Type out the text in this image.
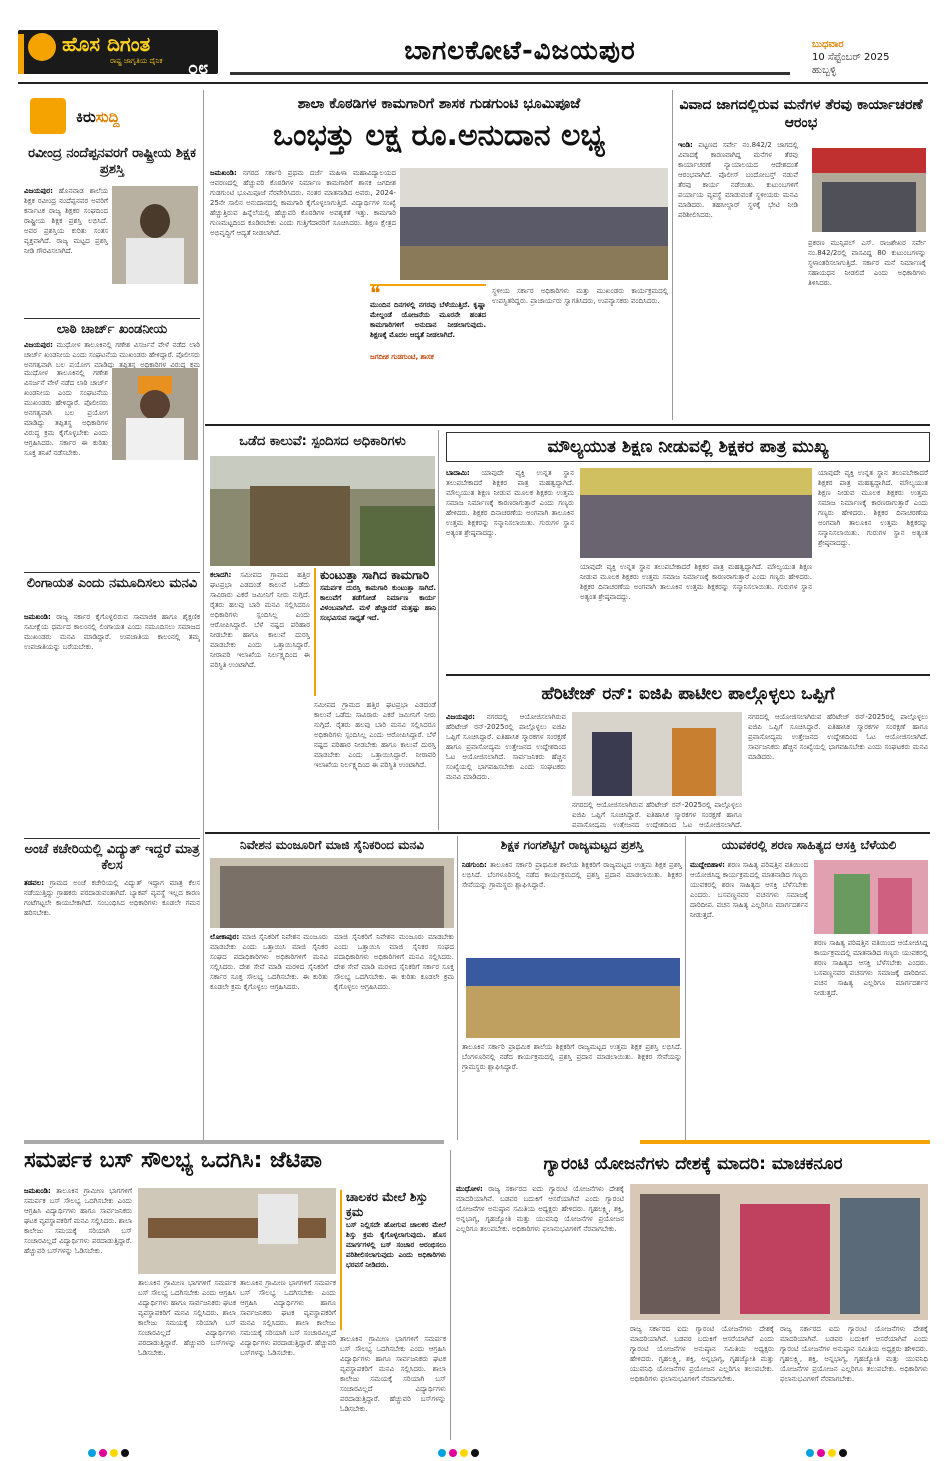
ಹೊಸ ದಿಗಂತ
ರಾಷ್ಟ್ರ ಜಾಗೃತಿಯ ದೈನಿಕ ೦೮
ಬಾಗಲಕೋಟೆ-ವಿಜಯಪುರ	ಬುಧವಾರ
10 ಸೆಪ್ಟೆಂಬರ್ 2025
ಹುಬ್ಬಳ್ಳಿ
ಕಿರುಸುದ್ದಿ
ರವೀಂದ್ರ ನಂದೆಪ್ಪನವರಗೆ ರಾಷ್ಟ್ರೀಯ ಶಿಕ್ಷಕ ಪ್ರಶಸ್ತಿ
ವಿಜಯಪುರ: ಹೊನವಾಡ ಶಾಲೆಯ ಶಿಕ್ಷಕ ರವೀಂದ್ರ ನಂದೆಪ್ಪನವರ ಅವರಿಗೆ ಕರ್ನಾಟಕ ರಾಜ್ಯ ಶಿಕ್ಷಕರ ಸಂಘದಿಂದ ರಾಷ್ಟ್ರೀಯ ಶಿಕ್ಷಕ ಪ್ರಶಸ್ತಿ ಲಭಿಸಿದೆ. ಅವರ ಪ್ರಶಸ್ತಿಯ ಕುರಿತು ಸಂತಸ ವ್ಯಕ್ತವಾಗಿದೆ. ರಾಜ್ಯ ಮಟ್ಟದ ಪ್ರಶಸ್ತಿ ನೀಡಿ ಗೌರವಿಸಲಾಗಿದೆ.
ಲಾಠಿ ಚಾರ್ಜ್ ಖಂಡನೀಯ
ವಿಜಯಪುರ: ಮುಧೋಳ ತಾಲೂಕಿನಲ್ಲಿ ಗಣೇಶ ವಿಸರ್ಜನೆ ವೇಳೆ ನಡೆದ ಲಾಠಿ ಚಾರ್ಜ್ ಖಂಡನೀಯ ಎಂದು ಸಂಘಟನೆಯ ಮುಖಂಡರು ಹೇಳಿದ್ದಾರೆ. ಪೊಲೀಸರು ಅನಗತ್ಯವಾಗಿ ಬಲ ಪ್ರಯೋಗ ಮಾಡಿದ್ದು ತಪ್ಪಿತಸ್ಥ ಅಧಿಕಾರಿಗಳ ವಿರುದ್ಧ ಕ್ರಮ
ಮುಧೋಳ ತಾಲೂಕಿನಲ್ಲಿ ಗಣೇಶ ವಿಸರ್ಜನೆ ವೇಳೆ ನಡೆದ ಲಾಠಿ ಚಾರ್ಜ್ ಖಂಡನೀಯ ಎಂದು ಸಂಘಟನೆಯ ಮುಖಂಡರು ಹೇಳಿದ್ದಾರೆ. ಪೊಲೀಸರು ಅನಗತ್ಯವಾಗಿ ಬಲ ಪ್ರಯೋಗ ಮಾಡಿದ್ದು ತಪ್ಪಿತಸ್ಥ ಅಧಿಕಾರಿಗಳ ವಿರುದ್ಧ ಕ್ರಮ ಕೈಗೊಳ್ಳಬೇಕು ಎಂದು ಆಗ್ರಹಿಸಿದರು. ಸರ್ಕಾರ ಈ ಕುರಿತು ಸೂಕ್ತ ತನಿಖೆ ನಡೆಸಬೇಕು.
ಲಿಂಗಾಯತ ಎಂದು ನಮೂದಿಸಲು ಮನವಿ
ಜಮಖಂಡಿ: ರಾಜ್ಯ ಸರ್ಕಾರ ಕೈಗೊಳ್ಳಲಿರುವ ಸಾಮಾಜಿಕ ಹಾಗೂ ಶೈಕ್ಷಣಿಕ ಸಮೀಕ್ಷೆಯ ಧರ್ಮದ ಕಾಲಂನಲ್ಲಿ ಲಿಂಗಾಯತ ಎಂದು ನಮೂದಿಸಲು ಸಮಾಜದ ಮುಖಂಡರು ಮನವಿ ಮಾಡಿದ್ದಾರೆ. ಉಪಜಾತಿಯ ಕಾಲಂನಲ್ಲಿ ತಮ್ಮ ಉಪಜಾತಿಯನ್ನು ಬರೆಯಬೇಕು.
ಅಂಚೆ ಕಚೇರಿಯಲ್ಲಿ ವಿದ್ಯುತ್ ಇದ್ದರೆ ಮಾತ್ರ ಕೆಲಸ
ತಡವಲ: ಗ್ರಾಮದ ಅಂಚೆ ಕಚೇರಿಯಲ್ಲಿ ವಿದ್ಯುತ್ ಇದ್ದಾಗ ಮಾತ್ರ ಕೆಲಸ ನಡೆಯುತ್ತಿದ್ದು ಗ್ರಾಹಕರು ಪರದಾಡುವಂತಾಗಿದೆ. ಬ್ಯಾಕಪ್ ವ್ಯವಸ್ಥೆ ಇಲ್ಲದ ಕಾರಣ ಗಂಟೆಗಟ್ಟಲೇ ಕಾಯಬೇಕಾಗಿದೆ. ಸಂಬಂಧಿಸಿದ ಅಧಿಕಾರಿಗಳು ಕೂಡಲೇ ಗಮನ ಹರಿಸಬೇಕು.
ಶಾಲಾ ಕೊಠಡಿಗಳ ಕಾಮಗಾರಿಗೆ ಶಾಸಕ ಗುಡಗುಂಟಿ ಭೂಮಿಪೂಜೆ
ಒಂಭತ್ತು ಲಕ್ಷ ರೂ.ಅನುದಾನ ಲಭ್ಯ
ಜಮಖಂಡಿ: ನಗರದ ಸರ್ಕಾರಿ ಪ್ರಥಮ ದರ್ಜೆ ಮಹಿಳಾ ಮಹಾವಿದ್ಯಾಲಯದ ಆವರಣದಲ್ಲಿ ಹೆಚ್ಚುವರಿ ಕೊಠಡಿಗಳ ನಿರ್ಮಾಣ ಕಾಮಗಾರಿಗೆ ಶಾಸಕ ಜಗದೀಶ ಗುಡಗುಂಟಿ ಭೂಮಿಪೂಜೆ ನೆರವೇರಿಸಿದರು. ನಂತರ ಮಾತನಾಡಿದ ಅವರು, 2024-25ನೇ ಸಾಲಿನ ಅನುದಾನದಲ್ಲಿ ಕಾಮಗಾರಿ ಕೈಗೊಳ್ಳಲಾಗುತ್ತಿದೆ. ವಿದ್ಯಾರ್ಥಿಗಳ ಸಂಖ್ಯೆ ಹೆಚ್ಚುತ್ತಿರುವ ಹಿನ್ನೆಲೆಯಲ್ಲಿ ಹೆಚ್ಚುವರಿ ಕೊಠಡಿಗಳ ಅವಶ್ಯಕತೆ ಇತ್ತು. ಕಾಮಗಾರಿ ಗುಣಮಟ್ಟದಿಂದ ಕೂಡಿರಬೇಕು ಎಂದು ಗುತ್ತಿಗೆದಾರರಿಗೆ ಸೂಚಿಸಿದರು. ಶಿಕ್ಷಣ ಕ್ಷೇತ್ರದ ಅಭಿವೃದ್ಧಿಗೆ ಆದ್ಯತೆ ನೀಡಲಾಗಿದೆ.
❝
ಮುಂದಿನ ದಿನಗಳಲ್ಲಿ ನಗರವು ಬೆಳೆಯುತ್ತಿದೆ. ಕೃಷ್ಣಾ ಮೇಲ್ದಂಡೆ ಯೋಜನೆಯ ಮೂರನೇ ಹಂತದ ಕಾಮಗಾರಿಗಳಿಗೆ ಅನುದಾನ ನೀಡಲಾಗುವುದು. ಶಿಕ್ಷಣಕ್ಕೆ ಮೊದಲ ಆದ್ಯತೆ ನೀಡಲಾಗಿದೆ.
ಜಗದೀಶ ಗುಡಗುಂಟಿ, ಶಾಸಕ
ಸ್ಥಳೀಯ ಸರ್ಕಾರ ಅಧಿಕಾರಿಗಳು ಮತ್ತು ಮುಖಂಡರು ಕಾರ್ಯಕ್ರಮದಲ್ಲಿ ಉಪಸ್ಥಿತರಿದ್ದರು. ಪ್ರಾಚಾರ್ಯರು ಸ್ವಾಗತಿಸಿದರು, ಉಪನ್ಯಾಸಕರು ವಂದಿಸಿದರು.
ವಿವಾದ ಜಾಗದಲ್ಲಿರುವ ಮನೆಗಳ ತೆರವು ಕಾರ್ಯಾಚರಣೆ ಆರಂಭ
ಇಂಡಿ: ಪಟ್ಟಣದ ಸರ್ವೇ ನಂ.842/2 ಜಾಗದಲ್ಲಿ ವಿವಾದಕ್ಕೆ ಕಾರಣವಾಗಿದ್ದ ಮನೆಗಳ ತೆರವು ಕಾರ್ಯಾಚರಣೆ ನ್ಯಾಯಾಲಯದ ಆದೇಶದಂತೆ ಆರಂಭವಾಗಿದೆ. ಪೊಲೀಸ್ ಬಂದೋಬಸ್ತ್ ನಡುವೆ ತೆರವು ಕಾರ್ಯ ನಡೆಯಿತು. ಕುಟುಂಬಗಳಿಗೆ ಪರ್ಯಾಯ ವ್ಯವಸ್ಥೆ ಮಾಡುವಂತೆ ಸ್ಥಳೀಯರು ಮನವಿ ಮಾಡಿದರು. ತಹಸೀಲ್ದಾರ್ ಸ್ಥಳಕ್ಕೆ ಭೇಟಿ ನೀಡಿ ಪರಿಶೀಲಿಸಿದರು.
ಪ್ರಕರಣ ಮುನ್ಸಿಪಲ್ ಎಸ್. ರಾಜಶೇಖರ ಸರ್ವೇ ನಂ.842/2ರಲ್ಲಿ ವಾಸವಿದ್ದ 80 ಕುಟುಂಬಗಳನ್ನು ಸ್ಥಳಾಂತರಿಸಲಾಗುತ್ತಿದೆ. ಸರ್ಕಾರ ಮನೆ ನಿರ್ಮಾಣಕ್ಕೆ ಸಹಾಯಧನ ನೀಡಲಿದೆ ಎಂದು ಅಧಿಕಾರಿಗಳು ತಿಳಿಸಿದರು.
ಒಡೆದ ಕಾಲುವೆ: ಸ್ಪಂದಿಸದ ಅಧಿಕಾರಿಗಳು
ಕಲಾದಗಿ: ಸಮೀಪದ ಗ್ರಾಮದ ಹತ್ತಿರ ಘಟಪ್ರಭಾ ಎಡದಂಡೆ ಕಾಲುವೆ ಒಡೆದು ಸಾವಿರಾರು ಎಕರೆ ಜಮೀನಿಗೆ ನೀರು ನುಗ್ಗಿದೆ. ರೈತರು ಹಲವು ಬಾರಿ ಮನವಿ ಸಲ್ಲಿಸಿದರೂ ಅಧಿಕಾರಿಗಳು ಸ್ಪಂದಿಸಿಲ್ಲ ಎಂದು ಆರೋಪಿಸಿದ್ದಾರೆ. ಬೆಳೆ ನಷ್ಟದ ಪರಿಹಾರ ನೀಡಬೇಕು ಹಾಗೂ ಕಾಲುವೆ ದುರಸ್ತಿ ಮಾಡಬೇಕು ಎಂದು ಒತ್ತಾಯಿಸಿದ್ದಾರೆ. ನೀರಾವರಿ ಇಲಾಖೆಯ ನಿರ್ಲಕ್ಷ್ಯದಿಂದ ಈ ಪರಿಸ್ಥಿತಿ ಉಂಟಾಗಿದೆ.
ಕುಂಟುತ್ತಾ ಸಾಗಿದ ಕಾಮಗಾರಿ
ಸಮರ್ಪಕ ದುರಸ್ತಿ ಕಾಮಗಾರಿ ಕುಂಟುತ್ತಾ ಸಾಗಿದೆ. ಕಾಲುವೆಗೆ ತಡೆಗೋಡೆ ನಿರ್ಮಾಣ ಕಾರ್ಯ ವಿಳಂಬವಾಗಿದೆ. ಮಳೆ ಹೆಚ್ಚಾದರೆ ಮತ್ತಷ್ಟು ಹಾನಿ ಸಂಭವಿಸುವ ಸಾಧ್ಯತೆ ಇದೆ.
ಸಮೀಪದ ಗ್ರಾಮದ ಹತ್ತಿರ ಘಟಪ್ರಭಾ ಎಡದಂಡೆ ಕಾಲುವೆ ಒಡೆದು ಸಾವಿರಾರು ಎಕರೆ ಜಮೀನಿಗೆ ನೀರು ನುಗ್ಗಿದೆ. ರೈತರು ಹಲವು ಬಾರಿ ಮನವಿ ಸಲ್ಲಿಸಿದರೂ ಅಧಿಕಾರಿಗಳು ಸ್ಪಂದಿಸಿಲ್ಲ ಎಂದು ಆರೋಪಿಸಿದ್ದಾರೆ. ಬೆಳೆ ನಷ್ಟದ ಪರಿಹಾರ ನೀಡಬೇಕು ಹಾಗೂ ಕಾಲುವೆ ದುರಸ್ತಿ ಮಾಡಬೇಕು ಎಂದು ಒತ್ತಾಯಿಸಿದ್ದಾರೆ. ನೀರಾವರಿ ಇಲಾಖೆಯ ನಿರ್ಲಕ್ಷ್ಯದಿಂದ ಈ ಪರಿಸ್ಥಿತಿ ಉಂಟಾಗಿದೆ.
ಮೌಲ್ಯಯುತ ಶಿಕ್ಷಣ ನೀಡುವಲ್ಲಿ ಶಿಕ್ಷಕರ ಪಾತ್ರ ಮುಖ್ಯ
ಬಾದಾಮಿ: ಯಾವುದೇ ವ್ಯಕ್ತಿ ಉನ್ನತ ಸ್ಥಾನ ತಲುಪಬೇಕಾದರೆ ಶಿಕ್ಷಕರ ಪಾತ್ರ ಮಹತ್ವದ್ದಾಗಿದೆ. ಮೌಲ್ಯಯುತ ಶಿಕ್ಷಣ ನೀಡುವ ಮೂಲಕ ಶಿಕ್ಷಕರು ಉತ್ತಮ ಸಮಾಜ ನಿರ್ಮಾಣಕ್ಕೆ ಕಾರಣರಾಗುತ್ತಾರೆ ಎಂದು ಗಣ್ಯರು ಹೇಳಿದರು. ಶಿಕ್ಷಕರ ದಿನಾಚರಣೆಯ ಅಂಗವಾಗಿ ತಾಲೂಕಿನ ಉತ್ತಮ ಶಿಕ್ಷಕರನ್ನು ಸನ್ಮಾನಿಸಲಾಯಿತು. ಗುರುಗಳ ಸ್ಥಾನ ಅತ್ಯಂತ ಶ್ರೇಷ್ಠವಾದದ್ದು.
ಯಾವುದೇ ವ್ಯಕ್ತಿ ಉನ್ನತ ಸ್ಥಾನ ತಲುಪಬೇಕಾದರೆ ಶಿಕ್ಷಕರ ಪಾತ್ರ ಮಹತ್ವದ್ದಾಗಿದೆ. ಮೌಲ್ಯಯುತ ಶಿಕ್ಷಣ ನೀಡುವ ಮೂಲಕ ಶಿಕ್ಷಕರು ಉತ್ತಮ ಸಮಾಜ ನಿರ್ಮಾಣಕ್ಕೆ ಕಾರಣರಾಗುತ್ತಾರೆ ಎಂದು ಗಣ್ಯರು ಹೇಳಿದರು. ಶಿಕ್ಷಕರ ದಿನಾಚರಣೆಯ ಅಂಗವಾಗಿ ತಾಲೂಕಿನ ಉತ್ತಮ ಶಿಕ್ಷಕರನ್ನು ಸನ್ಮಾನಿಸಲಾಯಿತು. ಗುರುಗಳ ಸ್ಥಾನ ಅತ್ಯಂತ ಶ್ರೇಷ್ಠವಾದದ್ದು.
ಯಾವುದೇ ವ್ಯಕ್ತಿ ಉನ್ನತ ಸ್ಥಾನ ತಲುಪಬೇಕಾದರೆ ಶಿಕ್ಷಕರ ಪಾತ್ರ ಮಹತ್ವದ್ದಾಗಿದೆ. ಮೌಲ್ಯಯುತ ಶಿಕ್ಷಣ ನೀಡುವ ಮೂಲಕ ಶಿಕ್ಷಕರು ಉತ್ತಮ ಸಮಾಜ ನಿರ್ಮಾಣಕ್ಕೆ ಕಾರಣರಾಗುತ್ತಾರೆ ಎಂದು ಗಣ್ಯರು ಹೇಳಿದರು. ಶಿಕ್ಷಕರ ದಿನಾಚರಣೆಯ ಅಂಗವಾಗಿ ತಾಲೂಕಿನ ಉತ್ತಮ ಶಿಕ್ಷಕರನ್ನು ಸನ್ಮಾನಿಸಲಾಯಿತು. ಗುರುಗಳ ಸ್ಥಾನ ಅತ್ಯಂತ ಶ್ರೇಷ್ಠವಾದದ್ದು.
ಹೆರಿಟೇಜ್ ರನ್: ಐಜಿಪಿ ಪಾಟೀಲ ಪಾಲ್ಗೊಳ್ಳಲು ಒಪ್ಪಿಗೆ
ವಿಜಯಪುರ: ನಗರದಲ್ಲಿ ಆಯೋಜಿಸಲಾಗಿರುವ ಹೆರಿಟೇಜ್ ರನ್-2025ರಲ್ಲಿ ಪಾಲ್ಗೊಳ್ಳಲು ಐಜಿಪಿ ಒಪ್ಪಿಗೆ ಸೂಚಿಸಿದ್ದಾರೆ. ಐತಿಹಾಸಿಕ ಸ್ಮಾರಕಗಳ ಸಂರಕ್ಷಣೆ ಹಾಗೂ ಪ್ರವಾಸೋದ್ಯಮ ಉತ್ತೇಜನದ ಉದ್ದೇಶದಿಂದ ಓಟ ಆಯೋಜಿಸಲಾಗಿದೆ. ಸಾರ್ವಜನಿಕರು ಹೆಚ್ಚಿನ ಸಂಖ್ಯೆಯಲ್ಲಿ ಭಾಗವಹಿಸಬೇಕು ಎಂದು ಸಂಘಟಕರು ಮನವಿ ಮಾಡಿದರು.
ನಗರದಲ್ಲಿ ಆಯೋಜಿಸಲಾಗಿರುವ ಹೆರಿಟೇಜ್ ರನ್-2025ರಲ್ಲಿ ಪಾಲ್ಗೊಳ್ಳಲು ಐಜಿಪಿ ಒಪ್ಪಿಗೆ ಸೂಚಿಸಿದ್ದಾರೆ. ಐತಿಹಾಸಿಕ ಸ್ಮಾರಕಗಳ ಸಂರಕ್ಷಣೆ ಹಾಗೂ ಪ್ರವಾಸೋದ್ಯಮ ಉತ್ತೇಜನದ ಉದ್ದೇಶದಿಂದ ಓಟ ಆಯೋಜಿಸಲಾಗಿದೆ.
ನಗರದಲ್ಲಿ ಆಯೋಜಿಸಲಾಗಿರುವ ಹೆರಿಟೇಜ್ ರನ್-2025ರಲ್ಲಿ ಪಾಲ್ಗೊಳ್ಳಲು ಐಜಿಪಿ ಒಪ್ಪಿಗೆ ಸೂಚಿಸಿದ್ದಾರೆ. ಐತಿಹಾಸಿಕ ಸ್ಮಾರಕಗಳ ಸಂರಕ್ಷಣೆ ಹಾಗೂ ಪ್ರವಾಸೋದ್ಯಮ ಉತ್ತೇಜನದ ಉದ್ದೇಶದಿಂದ ಓಟ ಆಯೋಜಿಸಲಾಗಿದೆ. ಸಾರ್ವಜನಿಕರು ಹೆಚ್ಚಿನ ಸಂಖ್ಯೆಯಲ್ಲಿ ಭಾಗವಹಿಸಬೇಕು ಎಂದು ಸಂಘಟಕರು ಮನವಿ ಮಾಡಿದರು.
ನಿವೇಶನ ಮಂಜೂರಿಗೆ ಮಾಜಿ ಸೈನಿಕರಿಂದ ಮನವಿ
ಲೋಕಾಪುರ: ಮಾಜಿ ಸೈನಿಕರಿಗೆ ನಿವೇಶನ ಮಂಜೂರು ಮಾಡಬೇಕು ಎಂದು ಒತ್ತಾಯಿಸಿ ಮಾಜಿ ಸೈನಿಕರ ಸಂಘದ ಪದಾಧಿಕಾರಿಗಳು ಅಧಿಕಾರಿಗಳಿಗೆ ಮನವಿ ಸಲ್ಲಿಸಿದರು. ದೇಶ ಸೇವೆ ಮಾಡಿ ಮರಳಿದ ಸೈನಿಕರಿಗೆ ಸರ್ಕಾರ ಸೂಕ್ತ ಸೌಲಭ್ಯ ಒದಗಿಸಬೇಕು. ಈ ಕುರಿತು ಕೂಡಲೇ ಕ್ರಮ ಕೈಗೊಳ್ಳಲು ಆಗ್ರಹಿಸಿದರು.
ಮಾಜಿ ಸೈನಿಕರಿಗೆ ನಿವೇಶನ ಮಂಜೂರು ಮಾಡಬೇಕು ಎಂದು ಒತ್ತಾಯಿಸಿ ಮಾಜಿ ಸೈನಿಕರ ಸಂಘದ ಪದಾಧಿಕಾರಿಗಳು ಅಧಿಕಾರಿಗಳಿಗೆ ಮನವಿ ಸಲ್ಲಿಸಿದರು. ದೇಶ ಸೇವೆ ಮಾಡಿ ಮರಳಿದ ಸೈನಿಕರಿಗೆ ಸರ್ಕಾರ ಸೂಕ್ತ ಸೌಲಭ್ಯ ಒದಗಿಸಬೇಕು. ಈ ಕುರಿತು ಕೂಡಲೇ ಕ್ರಮ ಕೈಗೊಳ್ಳಲು ಆಗ್ರಹಿಸಿದರು.
ಶಿಕ್ಷಕ ಗಂಗಶೆಟ್ಟಿಗೆ ರಾಜ್ಯಮಟ್ಟದ ಪ್ರಶಸ್ತಿ
ನಿಡಗುಂದಿ: ತಾಲೂಕಿನ ಸರ್ಕಾರಿ ಪ್ರಾಥಮಿಕ ಶಾಲೆಯ ಶಿಕ್ಷಕರಿಗೆ ರಾಜ್ಯಮಟ್ಟದ ಉತ್ತಮ ಶಿಕ್ಷಕ ಪ್ರಶಸ್ತಿ ಲಭಿಸಿದೆ. ಬೆಂಗಳೂರಿನಲ್ಲಿ ನಡೆದ ಕಾರ್ಯಕ್ರಮದಲ್ಲಿ ಪ್ರಶಸ್ತಿ ಪ್ರದಾನ ಮಾಡಲಾಯಿತು. ಶಿಕ್ಷಕರ ಸೇವೆಯನ್ನು ಗ್ರಾಮಸ್ಥರು ಶ್ಲಾಘಿಸಿದ್ದಾರೆ.
ತಾಲೂಕಿನ ಸರ್ಕಾರಿ ಪ್ರಾಥಮಿಕ ಶಾಲೆಯ ಶಿಕ್ಷಕರಿಗೆ ರಾಜ್ಯಮಟ್ಟದ ಉತ್ತಮ ಶಿಕ್ಷಕ ಪ್ರಶಸ್ತಿ ಲಭಿಸಿದೆ. ಬೆಂಗಳೂರಿನಲ್ಲಿ ನಡೆದ ಕಾರ್ಯಕ್ರಮದಲ್ಲಿ ಪ್ರಶಸ್ತಿ ಪ್ರದಾನ ಮಾಡಲಾಯಿತು. ಶಿಕ್ಷಕರ ಸೇವೆಯನ್ನು ಗ್ರಾಮಸ್ಥರು ಶ್ಲಾಘಿಸಿದ್ದಾರೆ.
ಯುವಕರಲ್ಲಿ ಶರಣ ಸಾಹಿತ್ಯದ ಆಸಕ್ತಿ ಬೆಳೆಯಲಿ
ಮುದ್ದೇಬಿಹಾಳ: ಶರಣ ಸಾಹಿತ್ಯ ಪರಿಷತ್ತಿನ ವತಿಯಿಂದ ಆಯೋಜಿಸಿದ್ದ ಕಾರ್ಯಕ್ರಮದಲ್ಲಿ ಮಾತನಾಡಿದ ಗಣ್ಯರು ಯುವಕರಲ್ಲಿ ಶರಣ ಸಾಹಿತ್ಯದ ಆಸಕ್ತಿ ಬೆಳೆಸಬೇಕು ಎಂದರು. ಬಸವಣ್ಣನವರ ವಚನಗಳು ಸಮಾಜಕ್ಕೆ ದಾರಿದೀಪ. ವಚನ ಸಾಹಿತ್ಯ ಎಲ್ಲರಿಗೂ ಮಾರ್ಗದರ್ಶನ ನೀಡುತ್ತದೆ.
ಶರಣ ಸಾಹಿತ್ಯ ಪರಿಷತ್ತಿನ ವತಿಯಿಂದ ಆಯೋಜಿಸಿದ್ದ ಕಾರ್ಯಕ್ರಮದಲ್ಲಿ ಮಾತನಾಡಿದ ಗಣ್ಯರು ಯುವಕರಲ್ಲಿ ಶರಣ ಸಾಹಿತ್ಯದ ಆಸಕ್ತಿ ಬೆಳೆಸಬೇಕು ಎಂದರು. ಬಸವಣ್ಣನವರ ವಚನಗಳು ಸಮಾಜಕ್ಕೆ ದಾರಿದೀಪ. ವಚನ ಸಾಹಿತ್ಯ ಎಲ್ಲರಿಗೂ ಮಾರ್ಗದರ್ಶನ ನೀಡುತ್ತದೆ.
ಸಮರ್ಪಕ ಬಸ್ ಸೌಲಭ್ಯ ಒದಗಿಸಿ: ಜೆಟಿಪಾ
ಜಮಖಂಡಿ: ತಾಲೂಕಿನ ಗ್ರಾಮೀಣ ಭಾಗಗಳಿಗೆ ಸಮರ್ಪಕ ಬಸ್ ಸೌಲಭ್ಯ ಒದಗಿಸಬೇಕು ಎಂದು ಆಗ್ರಹಿಸಿ ವಿದ್ಯಾರ್ಥಿಗಳು ಹಾಗೂ ಸಾರ್ವಜನಿಕರು ಘಟಕ ವ್ಯವಸ್ಥಾಪಕರಿಗೆ ಮನವಿ ಸಲ್ಲಿಸಿದರು. ಶಾಲಾ ಕಾಲೇಜು ಸಮಯಕ್ಕೆ ಸರಿಯಾಗಿ ಬಸ್ ಸಂಚಾರವಿಲ್ಲದೆ ವಿದ್ಯಾರ್ಥಿಗಳು ಪರದಾಡುತ್ತಿದ್ದಾರೆ. ಹೆಚ್ಚುವರಿ ಬಸ್‌ಗಳನ್ನು ಓಡಿಸಬೇಕು.
ತಾಲೂಕಿನ ಗ್ರಾಮೀಣ ಭಾಗಗಳಿಗೆ ಸಮರ್ಪಕ ಬಸ್ ಸೌಲಭ್ಯ ಒದಗಿಸಬೇಕು ಎಂದು ಆಗ್ರಹಿಸಿ ವಿದ್ಯಾರ್ಥಿಗಳು ಹಾಗೂ ಸಾರ್ವಜನಿಕರು ಘಟಕ ವ್ಯವಸ್ಥಾಪಕರಿಗೆ ಮನವಿ ಸಲ್ಲಿಸಿದರು. ಶಾಲಾ ಕಾಲೇಜು ಸಮಯಕ್ಕೆ ಸರಿಯಾಗಿ ಬಸ್ ಸಂಚಾರವಿಲ್ಲದೆ ವಿದ್ಯಾರ್ಥಿಗಳು ಪರದಾಡುತ್ತಿದ್ದಾರೆ. ಹೆಚ್ಚುವರಿ ಬಸ್‌ಗಳನ್ನು ಓಡಿಸಬೇಕು.
ತಾಲೂಕಿನ ಗ್ರಾಮೀಣ ಭಾಗಗಳಿಗೆ ಸಮರ್ಪಕ ಬಸ್ ಸೌಲಭ್ಯ ಒದಗಿಸಬೇಕು ಎಂದು ಆಗ್ರಹಿಸಿ ವಿದ್ಯಾರ್ಥಿಗಳು ಹಾಗೂ ಸಾರ್ವಜನಿಕರು ಘಟಕ ವ್ಯವಸ್ಥಾಪಕರಿಗೆ ಮನವಿ ಸಲ್ಲಿಸಿದರು. ಶಾಲಾ ಕಾಲೇಜು ಸಮಯಕ್ಕೆ ಸರಿಯಾಗಿ ಬಸ್ ಸಂಚಾರವಿಲ್ಲದೆ ವಿದ್ಯಾರ್ಥಿಗಳು ಪರದಾಡುತ್ತಿದ್ದಾರೆ. ಹೆಚ್ಚುವರಿ ಬಸ್‌ಗಳನ್ನು ಓಡಿಸಬೇಕು.
ಚಾಲಕರ ಮೇಲೆ ಶಿಸ್ತು ಕ್ರಮ
ಬಸ್ ನಿಲ್ಲಿಸದೇ ಹೋಗುವ ಚಾಲಕರ ಮೇಲೆ ಶಿಸ್ತು ಕ್ರಮ ಕೈಗೊಳ್ಳಲಾಗುವುದು. ಹೊಸ ಮಾರ್ಗಗಳಲ್ಲಿ ಬಸ್ ಸಂಚಾರ ಆರಂಭಿಸಲು ಪರಿಶೀಲಿಸಲಾಗುವುದು ಎಂದು ಅಧಿಕಾರಿಗಳು ಭರವಸೆ ನೀಡಿದರು.
ತಾಲೂಕಿನ ಗ್ರಾಮೀಣ ಭಾಗಗಳಿಗೆ ಸಮರ್ಪಕ ಬಸ್ ಸೌಲಭ್ಯ ಒದಗಿಸಬೇಕು ಎಂದು ಆಗ್ರಹಿಸಿ ವಿದ್ಯಾರ್ಥಿಗಳು ಹಾಗೂ ಸಾರ್ವಜನಿಕರು ಘಟಕ ವ್ಯವಸ್ಥಾಪಕರಿಗೆ ಮನವಿ ಸಲ್ಲಿಸಿದರು. ಶಾಲಾ ಕಾಲೇಜು ಸಮಯಕ್ಕೆ ಸರಿಯಾಗಿ ಬಸ್ ಸಂಚಾರವಿಲ್ಲದೆ ವಿದ್ಯಾರ್ಥಿಗಳು ಪರದಾಡುತ್ತಿದ್ದಾರೆ. ಹೆಚ್ಚುವರಿ ಬಸ್‌ಗಳನ್ನು ಓಡಿಸಬೇಕು.
ಗ್ಯಾರಂಟಿ ಯೋಜನೆಗಳು ದೇಶಕ್ಕೆ ಮಾದರಿ: ಮಾಚಕನೂರ
ಮುಧೋಳ: ರಾಜ್ಯ ಸರ್ಕಾರದ ಐದು ಗ್ಯಾರಂಟಿ ಯೋಜನೆಗಳು ದೇಶಕ್ಕೆ ಮಾದರಿಯಾಗಿವೆ. ಬಡವರ ಬದುಕಿಗೆ ಆಸರೆಯಾಗಿವೆ ಎಂದು ಗ್ಯಾರಂಟಿ ಯೋಜನೆಗಳ ಅನುಷ್ಠಾನ ಸಮಿತಿಯ ಅಧ್ಯಕ್ಷರು ಹೇಳಿದರು. ಗೃಹಲಕ್ಷ್ಮಿ, ಶಕ್ತಿ, ಅನ್ನಭಾಗ್ಯ, ಗೃಹಜ್ಯೋತಿ ಮತ್ತು ಯುವನಿಧಿ ಯೋಜನೆಗಳ ಪ್ರಯೋಜನ ಎಲ್ಲರಿಗೂ ತಲುಪಬೇಕು. ಅಧಿಕಾರಿಗಳು ಫಲಾನುಭವಿಗಳಿಗೆ ನೆರವಾಗಬೇಕು.
ರಾಜ್ಯ ಸರ್ಕಾರದ ಐದು ಗ್ಯಾರಂಟಿ ಯೋಜನೆಗಳು ದೇಶಕ್ಕೆ ಮಾದರಿಯಾಗಿವೆ. ಬಡವರ ಬದುಕಿಗೆ ಆಸರೆಯಾಗಿವೆ ಎಂದು ಗ್ಯಾರಂಟಿ ಯೋಜನೆಗಳ ಅನುಷ್ಠಾನ ಸಮಿತಿಯ ಅಧ್ಯಕ್ಷರು ಹೇಳಿದರು. ಗೃಹಲಕ್ಷ್ಮಿ, ಶಕ್ತಿ, ಅನ್ನಭಾಗ್ಯ, ಗೃಹಜ್ಯೋತಿ ಮತ್ತು ಯುವನಿಧಿ ಯೋಜನೆಗಳ ಪ್ರಯೋಜನ ಎಲ್ಲರಿಗೂ ತಲುಪಬೇಕು. ಅಧಿಕಾರಿಗಳು ಫಲಾನುಭವಿಗಳಿಗೆ ನೆರವಾಗಬೇಕು.
ರಾಜ್ಯ ಸರ್ಕಾರದ ಐದು ಗ್ಯಾರಂಟಿ ಯೋಜನೆಗಳು ದೇಶಕ್ಕೆ ಮಾದರಿಯಾಗಿವೆ. ಬಡವರ ಬದುಕಿಗೆ ಆಸರೆಯಾಗಿವೆ ಎಂದು ಗ್ಯಾರಂಟಿ ಯೋಜನೆಗಳ ಅನುಷ್ಠಾನ ಸಮಿತಿಯ ಅಧ್ಯಕ್ಷರು ಹೇಳಿದರು. ಗೃಹಲಕ್ಷ್ಮಿ, ಶಕ್ತಿ, ಅನ್ನಭಾಗ್ಯ, ಗೃಹಜ್ಯೋತಿ ಮತ್ತು ಯುವನಿಧಿ ಯೋಜನೆಗಳ ಪ್ರಯೋಜನ ಎಲ್ಲರಿಗೂ ತಲುಪಬೇಕು. ಅಧಿಕಾರಿಗಳು ಫಲಾನುಭವಿಗಳಿಗೆ ನೆರವಾಗಬೇಕು.
